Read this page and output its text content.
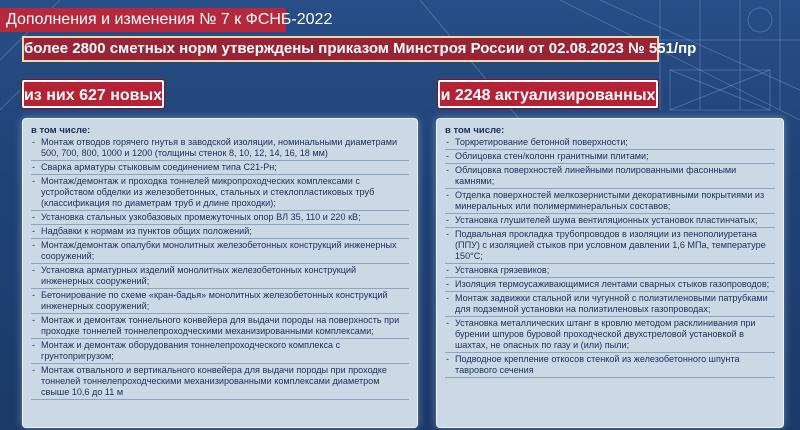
Дополнения и изменения № 7 к ФСНБ-2022
более 2800 сметных норм утверждены приказом Минстроя России от 02.08.2023 № 551/пр
из них 627 новых	и 2248 актуализированных
в том числе:
- Монтаж отводов горячего гнутья в заводской изоляции, номинальными диаметрами 500, 700, 800, 1000 и 1200 (толщины стенок 8, 10, 12, 14, 16, 18 мм)
- Сварка арматуры стыковым соединением типа С21-Рн;
- Монтаж/демонтаж и проходка тоннелей микропроходческих комплексами с устройством обделки из железобетонных, стальных и стеклопластиковых труб (классификация по диаметрам труб и длине проходки);
- Установка стальных узкобазовых промежуточных опор ВЛ 35, 110 и 220 кВ;
- Надбавки к нормам из пунктов общих положений;
- Монтаж/демонтаж опалубки монолитных железобетонных конструкций инженерных сооружений;
- Установка арматурных изделий монолитных железобетонных конструкций инженерных сооружений;
- Бетонирование по схеме «кран-бадья» монолитных железобетонных конструкций инженерных сооружений;
- Монтаж и демонтаж тоннельного конвейера для выдачи породы на поверхность при проходке тоннелей тоннелепроходческими механизированными комплексами;
- Монтаж и демонтаж оборудования тоннелепроходческого комплекса с грунтопригрузом;
- Монтаж отвального и вертикального конвейера для выдачи породы при проходке тоннелей тоннелепроходческими механизированными комплексами диаметром свыше 10,6 до 11 м
в том числе:
- Торкретирование бетонной поверхности;
- Облицовка стен/колонн гранитными плитами;
- Облицовка поверхностей линейными полированными фасонными камнями;
- Отделка поверхностей мелкозернистыми декоративными покрытиями из минеральных или полимерминеральных составов;
- Установка глушителей шума вентиляционных установок пластинчатых;
- Подвальная прокладка трубопроводов в изоляции из пенополиуретана (ППУ) с изоляцией стыков при условном давлении 1,6 МПа, температуре 150°С;
- Установка грязевиков;
- Изоляция термоусаживающимися лентами сварных стыков газопроводов;
- Монтаж задвижки стальной или чугунной с полиэтиленовыми патрубками для подземной установки на полиэтиленовых газопроводах;
- Установка металлических штанг в кровлю методом расклинивания при бурении шпуров буровой проходческой двухстреловой установкой в шахтах, не опасных по газу и (или) пыли;
- Подводное крепление откосов стенкой из железобетонного шпунта таврового сечения
